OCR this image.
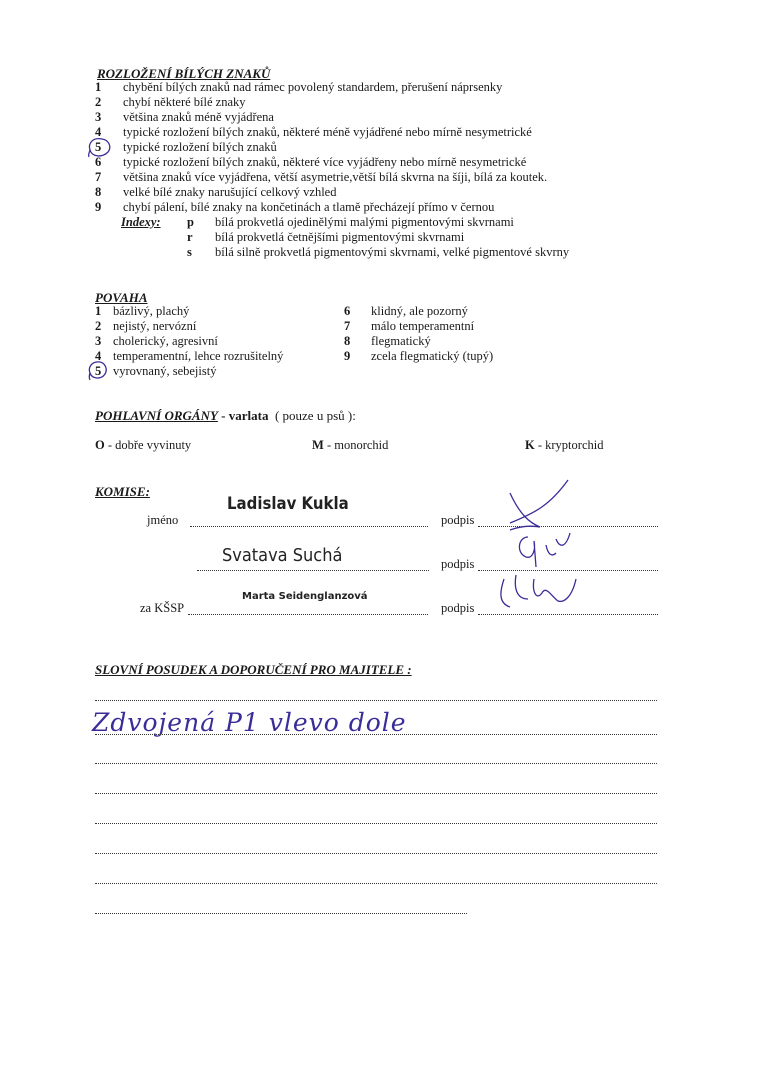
ROZLOŽENÍ BÍLÝCH ZNAKŮ
1 chybění bílých znaků nad rámec povolený standardem, přerušení náprsenky
2 chybí některé bílé znaky
3 většina znaků méně vyjádřena
4 typické rozložení bílých znaků, některé méně vyjádřené nebo mírně nesymetrické
5 typické rozložení bílých znaků
6 typické rozložení bílých znaků, některé více vyjádřeny nebo mírně nesymetrické
7 většina znaků více vyjádřena, větší asymetrie,větší bílá skvrna na šíji, bílá za koutek.
8 velké bílé znaky narušující celkový vzhled
9 chybí pálení, bílé znaky na končetinách a tlamě přecházejí přímo v černou
Indexy: p bílá prokvetlá ojedinělými malými pigmentovými skvrnami
r bílá prokvetlá četnějšími pigmentovými skvrnami
s bílá silně prokvetlá pigmentovými skvrnami, velké pigmentové skvrny
POVAHA
1 bázlivý, plachý
2 nejistý, nervózní
3 cholerický, agresivní
4 temperamentní, lehce rozrušitelný
5 vyrovnaný, sebejistý
6 klidný, ale pozorný
7 málo temperamentní
8 flegmatický
9 zcela flegmatický (tupý)
POHLAVNÍ ORGÁNY - varlata ( pouze u psů ):
O - dobře vyvinuty	M - monorchid	K - kryptorchid
KOMISE:
Ladislav Kukla
jméno	podpis
Svatava Suchá	podpis
Marta Seidenglanzová
za KŠSP	podpis
SLOVNÍ POSUDEK A DOPORUČENÍ PRO MAJITELE :
Zdvojená P1 vlevo dole
